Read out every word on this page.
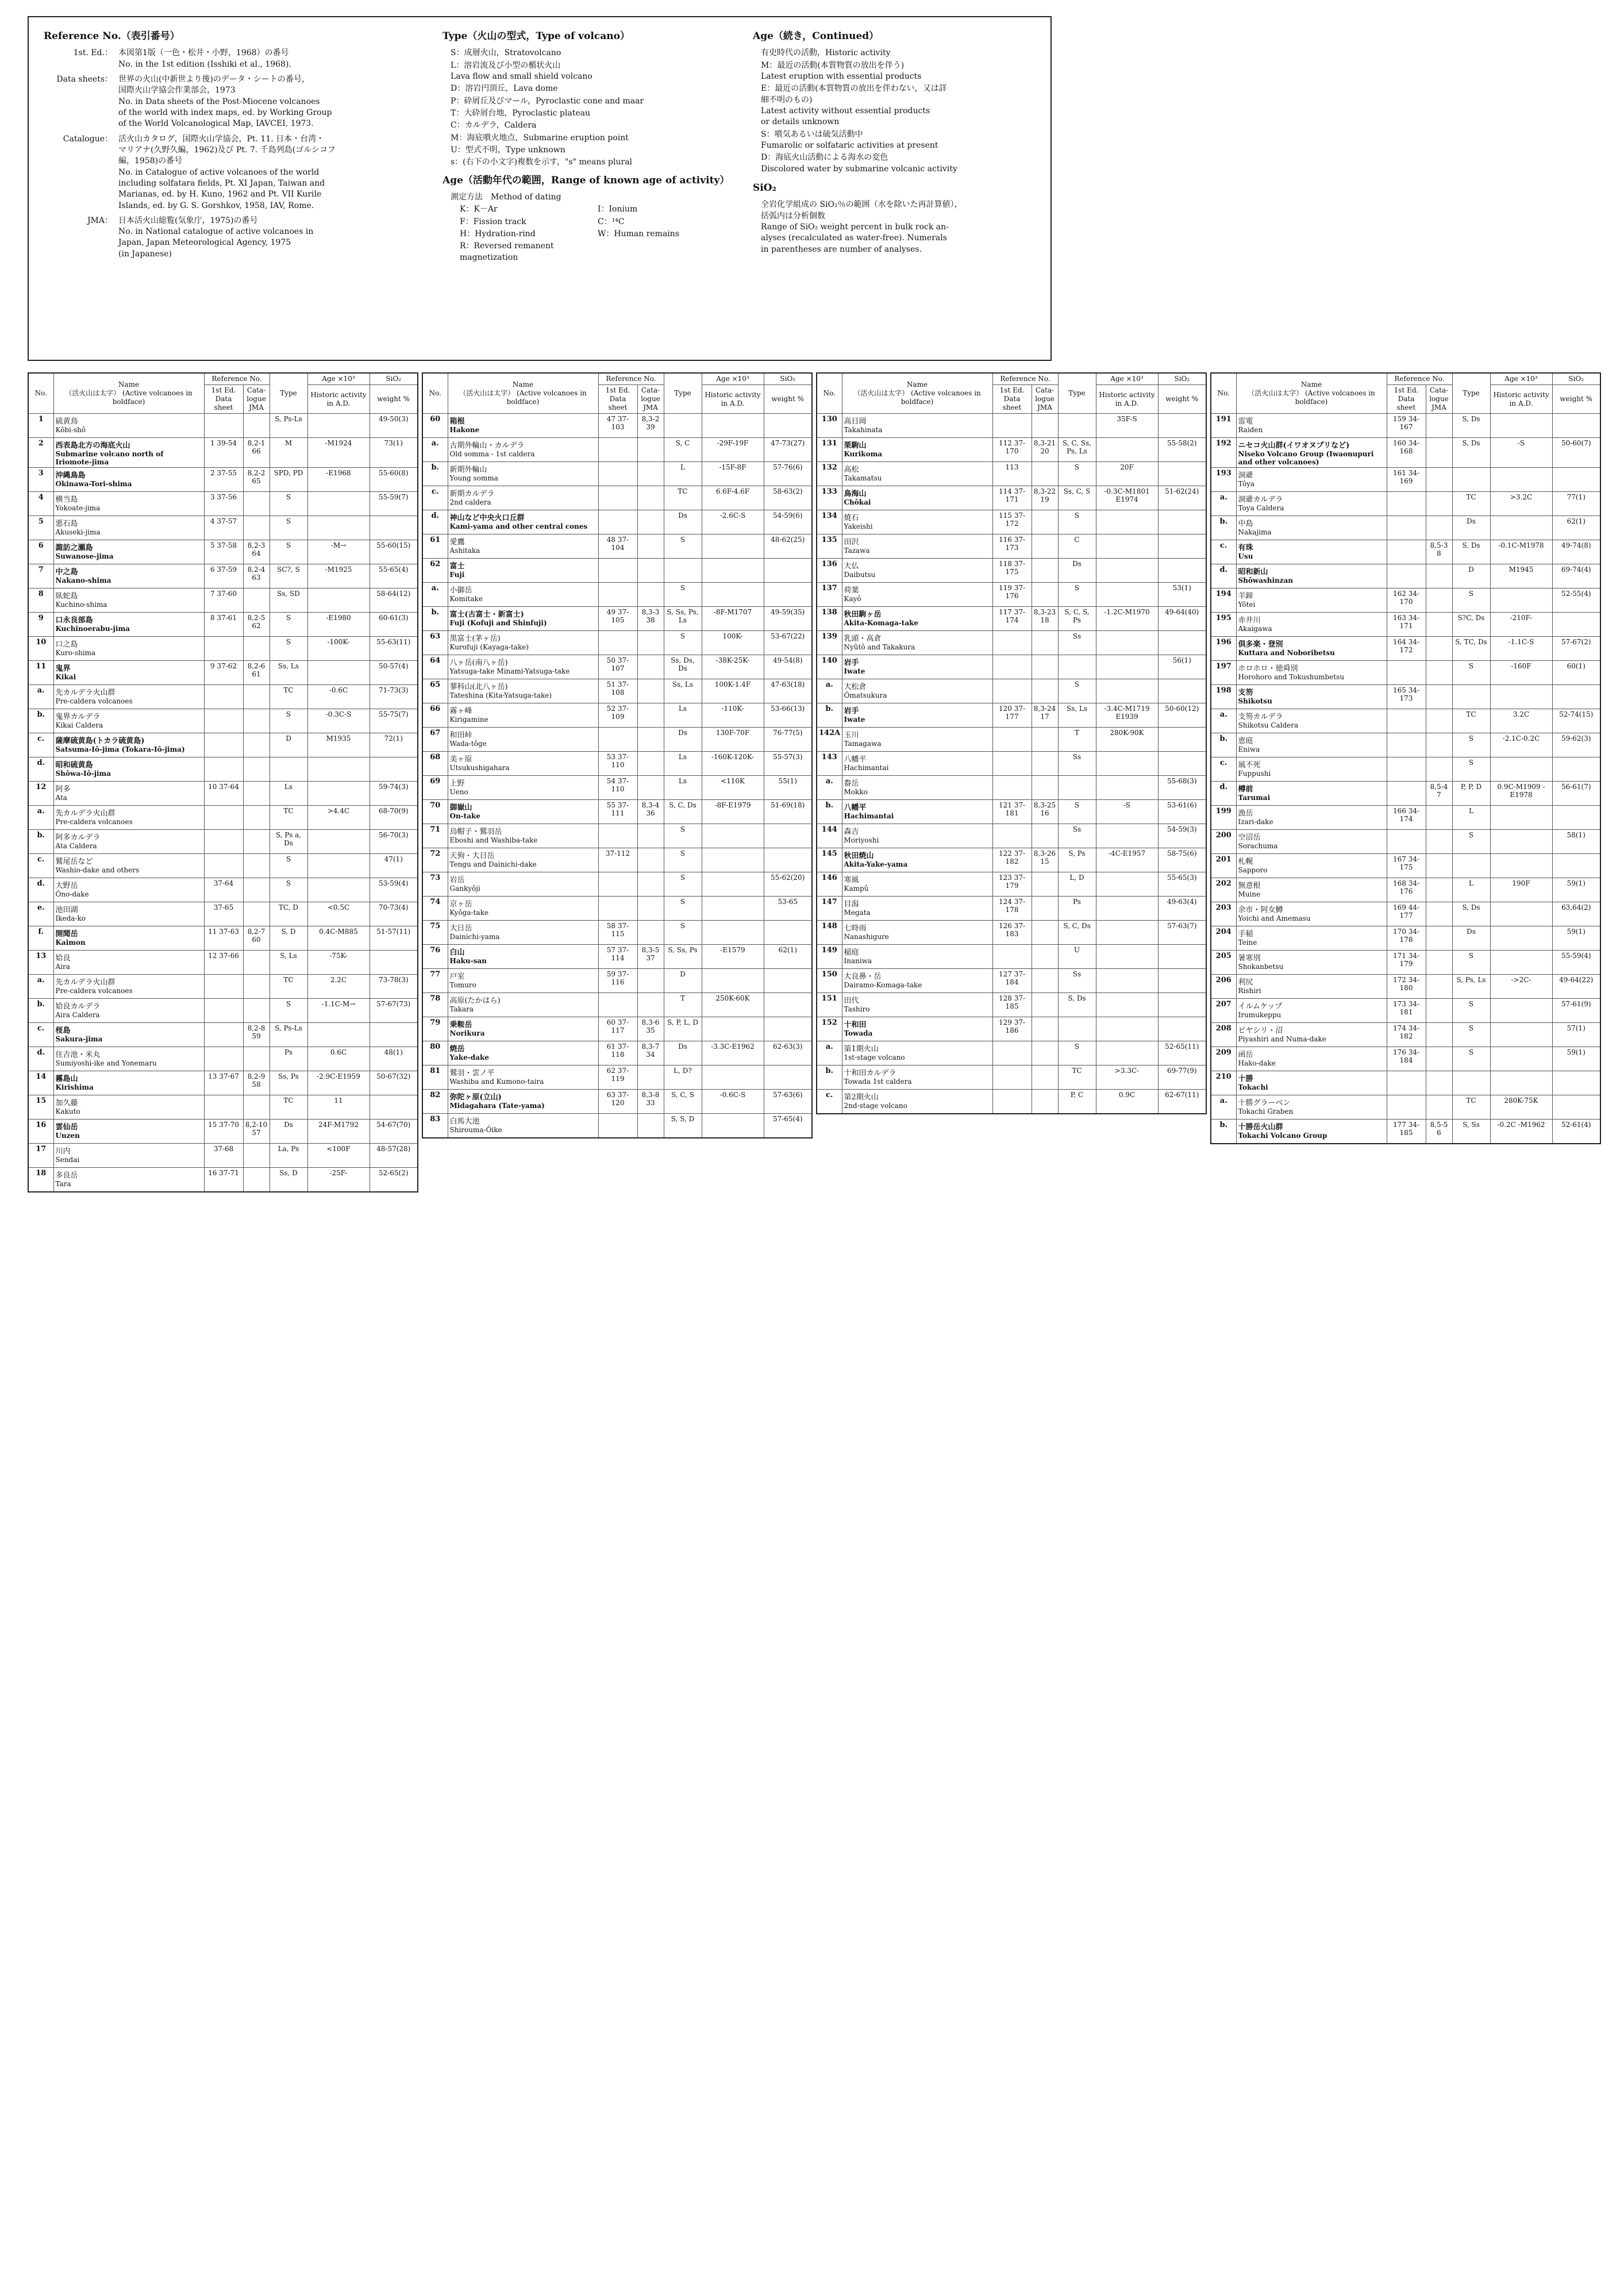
Reference No.（表引番号）
1st. Ed.： 本図第1版（一色・松井・小野，1968）の番号
No. in the 1st edition (Isshiki et al., 1968).
Data sheets： 世界の火山(中新世より後)のデータ・シートの番号，
国際火山学協会作業部会，1973
No. in Data sheets of the Post-Miocene volcanoes
of the world with index maps, ed. by Working Group
of the World Volcanological Map, IAVCEI, 1973.
Catalogue： 活火山カタログ，国際火山学協会，Pt. 11. 日本・台湾・
マリアナ(久野久編，1962)及び Pt. 7. 千島列島(ゴルシコフ
編，1958)の番号
No. in Catalogue of active volcanoes of the world
including solfatara fields, Pt. XI Japan, Taiwan and
Marianas, ed. by H. Kuno, 1962 and Pt. VII Kurile
Islands, ed. by G. S. Gorshkov, 1958, IAV, Rome.
JMA： 日本活火山総覧(気象庁，1975)の番号
No. in National catalogue of active volcanoes in
Japan, Japan Meteorological Agency, 1975
(in Japanese)
Type（火山の型式，Type of volcano）
S：成層火山，Stratovolcano
L：溶岩流及び小型の楯状火山
Lava flow and small shield volcano
D：溶岩円頂丘，Lava dome
P：砕屑丘及びマール，Pyroclastic cone and maar
T：大砕屑台地，Pyroclastic plateau
C：カルデラ，Caldera
M：海底噴火地点，Submarine eruption point
U：型式不明，Type unknown
s：(右下の小文字)複数を示す，"s" means plural
Age（活動年代の範囲，Range of known age of activity）
測定方法　Method of dating
K：K－Ar	I：Ionium
F：Fission track	C：¹⁴C
H：Hydration-rind	W：Human remains
R：Reversed remanent magnetization
Age（続き，Continued）
有史時代の活動，Historic activity
M：最近の活動(本質物質の放出を伴う)
Latest eruption with essential products
E：最近の活動(本質物質の放出を伴わない，又は詳
細不明のもの)
Latest activity without essential products
or details unknown
S：噴気あるいは硫気活動中
Fumarolic or solfataric activities at present
D：海底火山活動による海水の変色
Discolored water by submarine volcanic activity
SiO₂
全岩化学組成の SiO₂％の範囲（水を除いた再計算値），
括弧内は分析個数
Range of SiO₂ weight percent in bulk rock an-
alyses (recalculated as water-free). Numerals
in parentheses are number of analyses.
No.	Name
（活火山は太字） (Active volcanoes in boldface)	Reference No.		Type	Age ×10³	SiO₂
		1st Ed. Data sheet	Cata-logue JMA		Historic activity in A.D.	weight %
1	硫黄鳥
Kôbi-shô			S, Ps-Ls		49-50(3)
2	西表島北方の海底火山
Submarine volcano north of Iriomote-jima	1 39-54	8,2-1 66	M	-M1924	73(1)
3	沖縄鳥島
Okinawa-Tori-shima	2 37-55	8,2-2 65	SPD, PD	-E1968	55-60(8)
4	横当島
Yokoate-jima	3 37-56		S		55-59(7)
5	悪石島
Akuseki-jima	4 37-57		S		
6	諏訪之瀬島
Suwanose-jima	5 37-58	8,2-3 64	S	-M→	55-60(15)
7	中之島
Nakano-shima	6 37-59	8,2-4 63	SC?, S	-M1925	55-65(4)
8	臥蛇島
Kuchino-shima	7 37-60		Ss, SD		58-64(12)
9	口永良部島
Kuchinoerabu-jima	8 37-61	8,2-5 62	S	-E1980	60-61(3)
10	口之島
Kuro-shima			S	-100K-	55-63(11)
11	鬼界
Kikai	9 37-62	8,2-6 61	Ss, Ls		50-57(4)
a.	先カルデラ火山群
Pre-caldera volcanoes			TC	-0.6C	71-73(3)
b.	鬼界カルデラ
Kikai Caldera			S	-0.3C-S	55-75(7)
c.	薩摩硫黄島(トカラ硫黄島)
Satsuma-Iô-jima (Tokara-Iô-jima)			D	M1935	72(1)
d.	昭和硫黄島
Shôwa-Iô-jima					

12	阿多
Ata	10 37-64		Ls		59-74(3)
a.	先カルデラ火山群
Pre-caldera volcanoes			TC	>4.4C	68-70(9)
b.	阿多カルデラ
Ata Caldera			S, Ps a, Ds		56-70(3)
c.	鷲尾岳など
Washio-dake and others			S		47(1)
d.	大野岳
Ôno-dake	37-64		S		53-59(4)
e.	池田湖
Ikeda-ko	37-65		TC, D	<0.5C	70-73(4)
f.	開聞岳
Kaimon	11 37-63	8,2-7 60	S, D	0.4C-M885	51-57(11)
13	姶良
Aira	12 37-66		S, Ls	-75K-	
a.	先カルデラ火山群
Pre-caldera volcanoes			TC	2.2C	73-78(3)
b.	姶良カルデラ
Aira Caldera			S	-1.1C-M→	57-67(73)
c.	桜島
Sakura-jima		8,2-8 59	S, Ps-Ls		
d.	住吉池・米丸
Sumiyoshi-ike and Yonemaru			Ps	0.6C	48(1)
14	霧島山
Kirishima	13 37-67	8,2-9 58	Ss, Ps	-2.9C-E1959	50-67(32)
15	加久藤
Kakuto			TC	11	
16	雲仙岳
Unzen	15 37-70	8,2-10 57	Ds	24F-M1792	54-67(70)
17	川内
Sendai	37-68		La, Ps	<100F	48-57(28)
18	多良岳
Tara	16 37-71		Ss, D	-25F-	52-65(2)
No.	Name
（活火山は太字） (Active volcanoes in boldface)	Reference No.		Type	Age ×10³	SiO₂
		1st Ed. Data sheet	Cata-logue JMA		Historic activity in A.D.	weight %
60	箱根
Hakone	47 37-103	8,3-2 39			
a.	古期外輪山・カルデラ
Old somma - 1st caldera			S, C	-29F-19F	47-73(27)
b.	新期外輪山
Young somma			L	-15F-8F	57-76(6)
c.	新期カルデラ
2nd caldera			TC	6.6F-4.6F	58-63(2)
d.	神山など中央火口丘群
Kami-yama and other central cones			Ds	-2.6C-S	54-59(6)
61	愛鷹
Ashitaka	48 37-104		S		48-62(25)
62	富士
Fuji					

a.	小御岳
Komitake			S		
b.	富士(古富士・新富士)
Fuji (Kofuji and Shinfuji)	49 37-105	8,3-3 38	S, Ss, Ps, Ls	-8F-M1707	49-59(35)
63	黒富士(茅ヶ岳)
Kurofuji (Kayaga-take)			S	100K-	53-67(22)
64	八ヶ岳(南八ヶ岳)
Yatsuga-take Minami-Yatsuga-take	50 37-107		Ss, Ds, Ds	-38K-25K-	49-54(8)
65	蓼科山(北八ヶ岳)
Tateshina (Kita-Yatsuga-take)	51 37-108		Ss, Ls	100K-1.4F	47-63(18)
66	霧ヶ峰
Kirigamine	52 37-109		Ls	-110K-	53-66(13)
67	和田峠
Wada-tôge			Ds	130F-70F	76-77(5)
68	美ヶ原
Utsukushigahara	53 37-110		Ls	-160K-120K-	55-57(3)
69	上野
Ueno	54 37-110		Ls	<110K	55(1)
70	御嶽山
On-take	55 37-111	8,3-4 36	S, C, Ds	-8F-E1979	51-69(18)
71	烏帽子・鷲羽岳
Eboshi and Washiba-take			S		
72	天狗・大日岳
Tengu and Dainichi-dake	37-112		S		
73	岩岳
Gankyôji			S		55-62(20)
74	京ヶ岳
Kyôga-take			S		53-65
75	大日岳
Dainichi-yama	58 37-115		S		
76	白山
Haku-san	57 37-114	8,3-5 37	S, Ss, Ps	-E1579	62(1)
77	戸室
Tomuro	59 37-116		D		
78	高原(たかはら)
Takara			T	250K-60K	
79	乗鞍岳
Norikura	60 37-117	8,3-6 35	S, P, L, D		
80	焼岳
Yake-dake	61 37-118	8,3-7 34	Ds	-3.3C-E1962	62-63(3)
81	鷲羽・雲ノ平
Washiba and Kumono-taira	62 37-119		L, D?		
82	弥陀ヶ原(立山)
Midagahara (Tate-yama)	63 37-120	8,3-8 33	S, C, S	-0.6C-S	57-63(6)
83	白馬大池
Shirouma-Ôike			S, S, D		57-65(4)
No.	Name
（活火山は太字） (Active volcanoes in boldface)	Reference No.		Type	Age ×10³	SiO₂
		1st Ed. Data sheet	Cata-logue JMA		Historic activity in A.D.	weight %
130	高日岡
Takahinata				35F-S	
131	栗駒山
Kurikoma	112 37-170	8,3-21 20	S, C, Ss, Ps, Ls		55-58(2)
132	高松
Takamatsu	113		S	20F	
133	鳥海山
Chôkai	114 37-171	8,3-22 19	Ss, C, S	-0.3C-M1801 E1974	51-62(24)
134	焼石
Yakeishi	115 37-172		S		
135	田沢
Tazawa	116 37-173		C		
136	大仏
Daibutsu	118 37-175		Ds		
137	荷葉
Kayô	119 37-176		S		53(1)
138	秋田駒ヶ岳
Akita-Komaga-take	117 37-174	8,3-23 18	S, C, S, Ps	-1.2C-M1970	49-64(40)
139	乳頭・高倉
Nyûtô and Takakura			Ss		
140	岩手
Iwate					56(1)
a.	大松倉
Ômatsukura			S		
b.	岩手
Iwate	120 37-177	8,3-24 17	Ss, Ls	-3.4C-M1719 E1939	50-60(12)
142A	玉川
Tamagawa			T	280K-90K	
143	八幡平
Hachimantai			Ss		
a.	畚岳
Mokko					55-68(3)
b.	八幡平
Hachimantai	121 37-181	8,3-25 16	S	-S	53-61(6)
144	森吉
Moriyoshi			Ss		54-59(3)
145	秋田焼山
Akita-Yake-yama	122 37-182	8,3-26 15	S, Ps	-4C-E1957	58-75(6)
146	寒風
Kampû	123 37-179		L, D		55-65(3)
147	目潟
Megata	124 37-178		Ps		49-63(4)
148	七時雨
Nanashigure	126 37-183		S, C, Ds		57-63(7)
149	稲庭
Inaniwa			U		
150	大良鼻・岳
Dairamo-Komaga-take	127 37-184		Ss		
151	田代
Tashiro	128 37-185		S, Ds		
152	十和田
Towada	129 37-186				
a.	第1期火山
1st-stage volcano			S		52-65(11)
b.	十和田カルデラ
Towada 1st caldera			TC	>3.3C-	69-77(9)
c.	第2期火山
2nd-stage volcano			P, C	0.9C	62-67(11)
No.	Name
（活火山は太字） (Active volcanoes in boldface)	Reference No.		Type	Age ×10³	SiO₂
		1st Ed. Data sheet	Cata-logue JMA		Historic activity in A.D.	weight %
191	雷電
Raiden	159 34-167		S, Ds		
192	ニセコ火山群(イワオヌプリなど)
Niseko Volcano Group (Iwaonupuri and other volcanoes)	160 34-168		S, Ds	-S	50-60(7)
193	洞爺
Tôya	161 34-169				
a.	洞爺カルデラ
Toya Caldera			TC	>3.2C	77(1)
b.	中島
Nakajima			Ds		62(1)
c.	有珠
Usu		8,5-3 8	S, Ds	-0.1C-M1978	49-74(8)
d.	昭和新山
Shôwashinzan			D	M1945	69-74(4)
194	羊蹄
Yôtei	162 34-170		S		52-55(4)
195	赤井川
Akaigawa	163 34-171		S?C, Ds	-210F-	
196	倶多楽・登別
Kuttara and Noboribetsu	164 34-172		S, TC, Ds	-1.1C-S	57-67(2)
197	ホロホロ・徳舜別
Horohoro and Tokushumbetsu			S	-160F	60(1)
198	支笏
Shikotsu	165 34-173				
a.	支笏カルデラ
Shikotsu Caldera			TC	3.2C	52-74(15)
b.	恵庭
Eniwa			S	-2.1C-0.2C	59-62(3)
c.	風不死
Fuppushi			S		
d.	樽前
Tarumai		8,5-4 7	P, P, D	0.9C-M1909 -E1978	56-61(7)
199	漁岳
Izari-dake	166 34-174		L		
200	空沼岳
Sorachuma			S		58(1)
201	札幌
Sapporo	167 34-175				
202	無意根
Muine	168 34-176		L	190F	59(1)
203	余市・阿女鱒
Yoichi and Amemasu	169 44-177		S, Ds		63,64(2)
204	手稲
Teine	170 34-178		Ds		59(1)
205	暑寒別
Shokanbetsu	171 34-179		S		55-59(4)
206	利尻
Rishiri	172 34-180		S, Ps, Ls	->2C-	49-64(22)
207	イルムケップ
Irumukeppu	173 34-181		S		57-61(9)
208	ピヤシリ・沼
Piyashiri and Numa-dake	174 34-182		S		57(1)
209	函岳
Hako-dake	176 34-184		S		59(1)
210	十勝
Tokachi					

a.	十勝グラーベン
Tokachi Graben			TC	280K-75K	
b.	十勝岳火山群
Tokachi Volcano Group	177 34-185	8,5-5 6	S, Ss	-0.2C -M1962	52-61(4)
